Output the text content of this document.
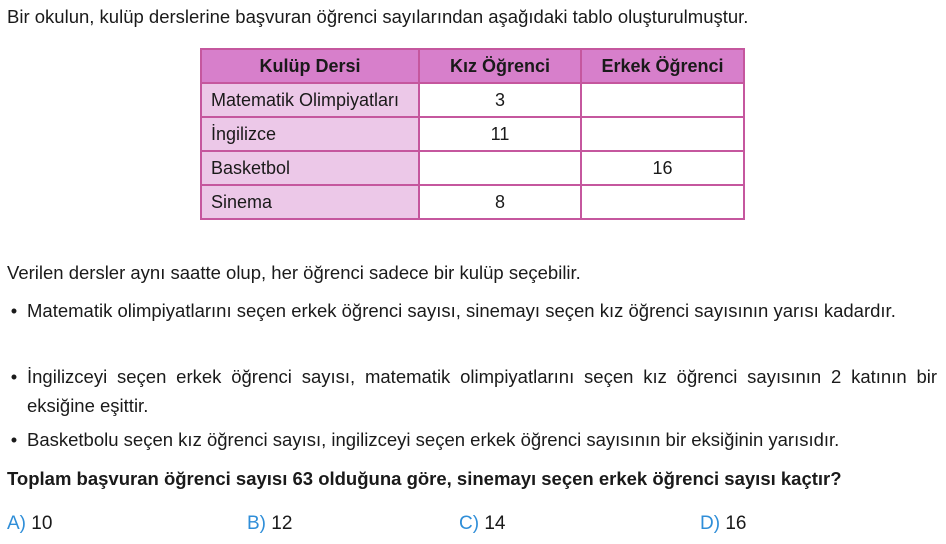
Bir okulun, kulüp derslerine başvuran öğrenci sayılarından aşağıdaki tablo oluşturulmuştur.
Kulüp Dersi	Kız Öğrenci	Erkek Öğrenci
Matematik Olimpiyatları	3	
İngilizce	11	
Basketbol		16
Sinema	8	
Verilen dersler aynı saatte olup, her öğrenci sadece bir kulüp seçebilir.
• Matematik olimpiyatlarını seçen erkek öğrenci sayısı, sinemayı seçen kız öğrenci sayısının yarısı kadardır.
• İngilizceyi seçen erkek öğrenci sayısı, matematik olimpiyatlarını seçen kız öğrenci sayısının 2 katının bir eksiğine eşittir.
• Basketbolu seçen kız öğrenci sayısı, ingilizceyi seçen erkek öğrenci sayısının bir eksiğinin yarısıdır.
Toplam başvuran öğrenci sayısı 63 olduğuna göre, sinemayı seçen erkek öğrenci sayısı kaçtır?
A) 10	B) 12	C) 14	D) 16
